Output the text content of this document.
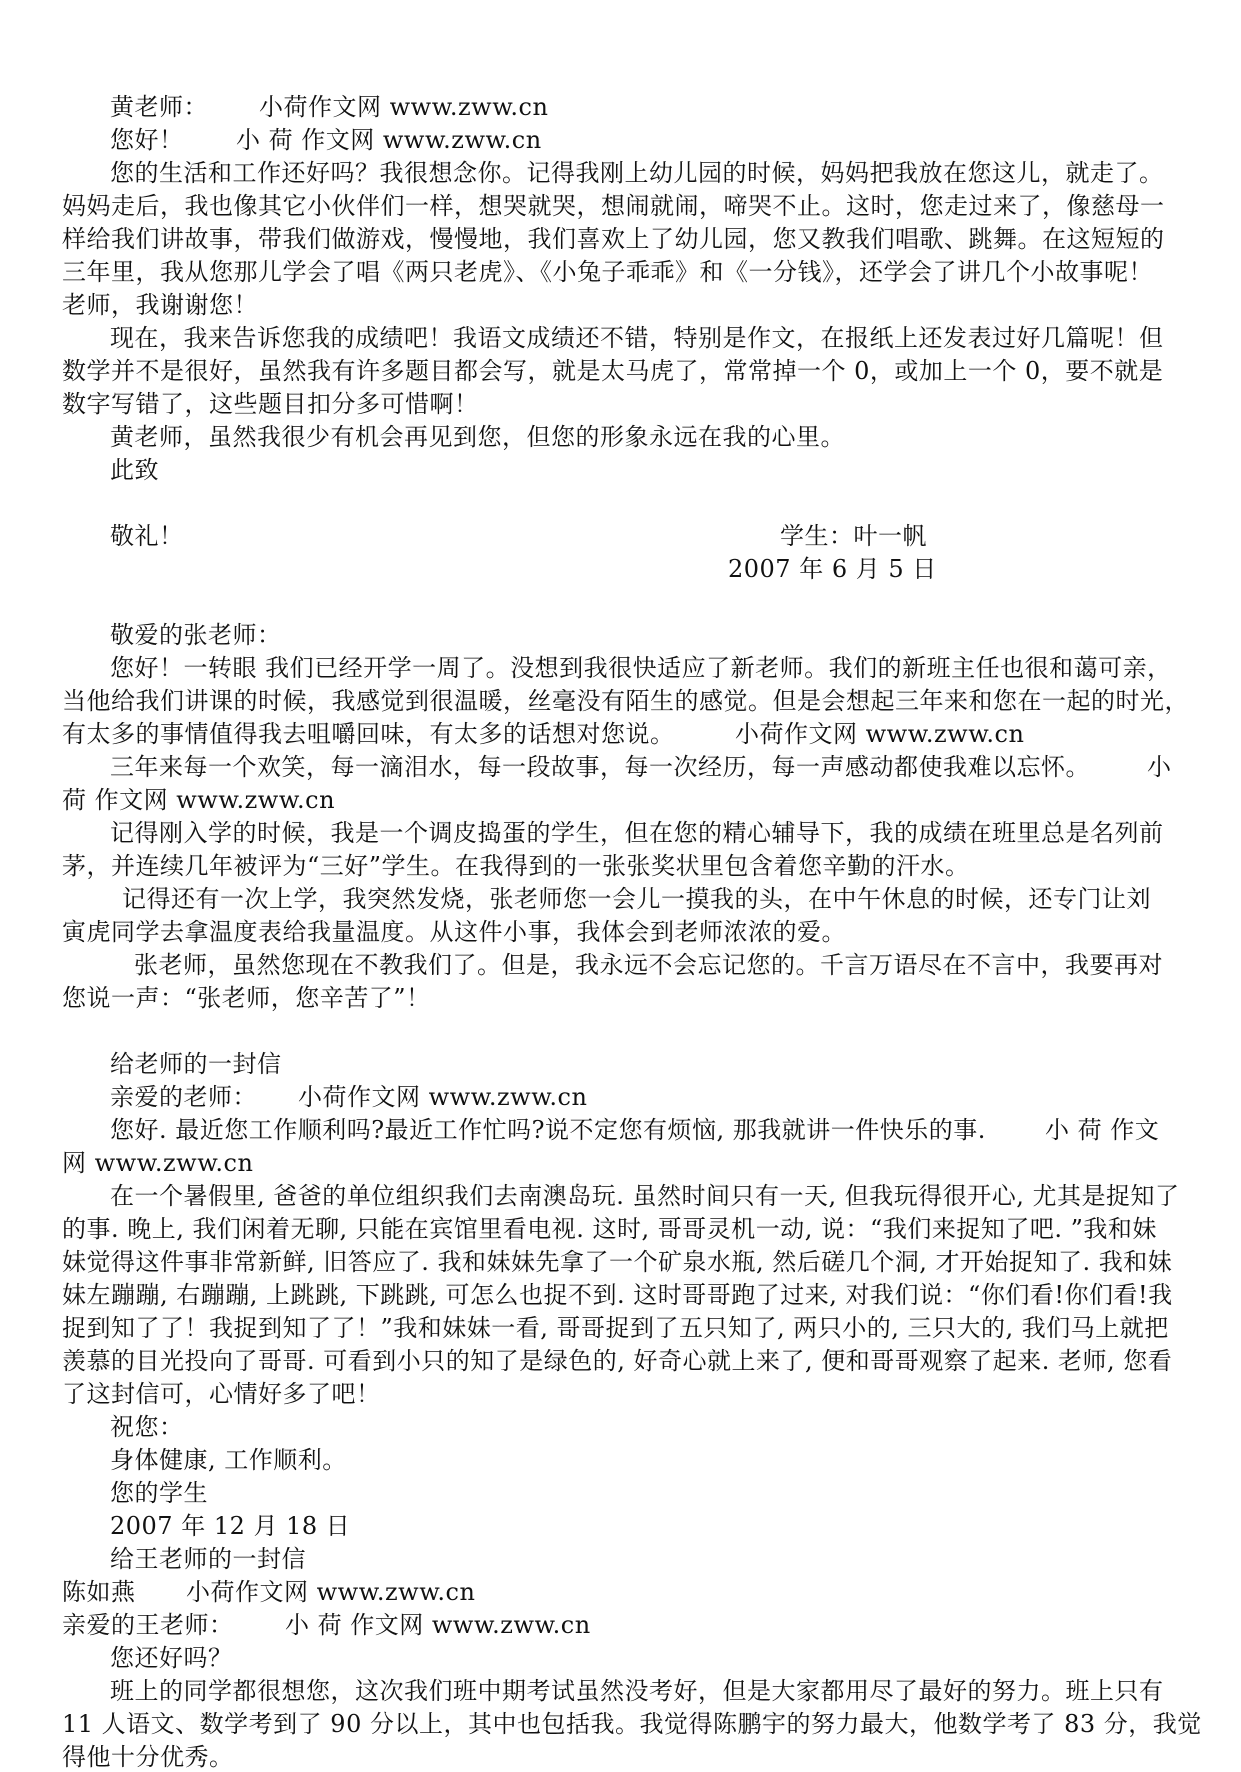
黄老师： 小荷作文网 www.zww.cn
您好！ 小 荷 作文网 www.zww.cn
您的生活和工作还好吗？我很想念你。记得我刚上幼儿园的时候，妈妈把我放在您这儿，就走了。
妈妈走后，我也像其它小伙伴们一样，想哭就哭，想闹就闹，啼哭不止。这时，您走过来了，像慈母一
样给我们讲故事，带我们做游戏，慢慢地，我们喜欢上了幼儿园，您又教我们唱歌、跳舞。在这短短的
三年里，我从您那儿学会了唱《两只老虎》、《小兔子乖乖》和《一分钱》，还学会了讲几个小故事呢！
老师，我谢谢您！
现在，我来告诉您我的成绩吧！我语文成绩还不错，特别是作文，在报纸上还发表过好几篇呢！但
数学并不是很好，虽然我有许多题目都会写，就是太马虎了，常常掉一个 0，或加上一个 0，要不就是
数字写错了，这些题目扣分多可惜啊！
黄老师，虽然我很少有机会再见到您，但您的形象永远在我的心里。
此致
敬礼！	学生：叶一帆
2007 年 6 月 5 日
敬爱的张老师：
您好！一转眼 我们已经开学一周了。没想到我很快适应了新老师。我们的新班主任也很和蔼可亲，
当他给我们讲课的时候，我感觉到很温暖，丝毫没有陌生的感觉。但是会想起三年来和您在一起的时光，
有太多的事情值得我去咀嚼回味，有太多的话想对您说。	小荷作文网 www.zww.cn
三年来每一个欢笑，每一滴泪水，每一段故事，每一次经历，每一声感动都使我难以忘怀。 小
荷 作文网 www.zww.cn
记得刚入学的时候，我是一个调皮捣蛋的学生，但在您的精心辅导下，我的成绩在班里总是名列前
茅，并连续几年被评为“三好”学生。在我得到的一张张奖状里包含着您辛勤的汗水。
记得还有一次上学，我突然发烧，张老师您一会儿一摸我的头，在中午休息的时候，还专门让刘
寅虎同学去拿温度表给我量温度。从这件小事，我体会到老师浓浓的爱。
张老师，虽然您现在不教我们了。但是，我永远不会忘记您的。千言万语尽在不言中，我要再对
您说一声：“张老师，您辛苦了”！
给老师的一封信
亲爱的老师： 小荷作文网 www.zww.cn
您好. 最近您工作顺利吗?最近工作忙吗?说不定您有烦恼, 那我就讲一件快乐的事. 小 荷 作文
网 www.zww.cn
在一个暑假里, 爸爸的单位组织我们去南澳岛玩. 虽然时间只有一天, 但我玩得很开心, 尤其是捉知了
的事. 晚上, 我们闲着无聊, 只能在宾馆里看电视. 这时, 哥哥灵机一动, 说：“我们来捉知了吧. ”我和妹
妹觉得这件事非常新鲜, 旧答应了. 我和妹妹先拿了一个矿泉水瓶, 然后磋几个洞, 才开始捉知了. 我和妹
妹左蹦蹦, 右蹦蹦, 上跳跳, 下跳跳, 可怎么也捉不到. 这时哥哥跑了过来, 对我们说：“你们看!你们看!我
捉到知了了！我捉到知了了！”我和妹妹一看, 哥哥捉到了五只知了, 两只小的, 三只大的, 我们马上就把
羡慕的目光投向了哥哥. 可看到小只的知了是绿色的, 好奇心就上来了, 便和哥哥观察了起来. 老师, 您看
了这封信可，心情好多了吧！
祝您：
身体健康, 工作顺利。
您的学生
2007 年 12 月 18 日
给王老师的一封信
陈如燕 小荷作文网 www.zww.cn
亲爱的王老师： 小 荷 作文网 www.zww.cn
您还好吗？
班上的同学都很想您，这次我们班中期考试虽然没考好，但是大家都用尽了最好的努力。班上只有
11 人语文、数学考到了 90 分以上，其中也包括我。我觉得陈鹏宇的努力最大，他数学考了 83 分，我觉
得他十分优秀。
